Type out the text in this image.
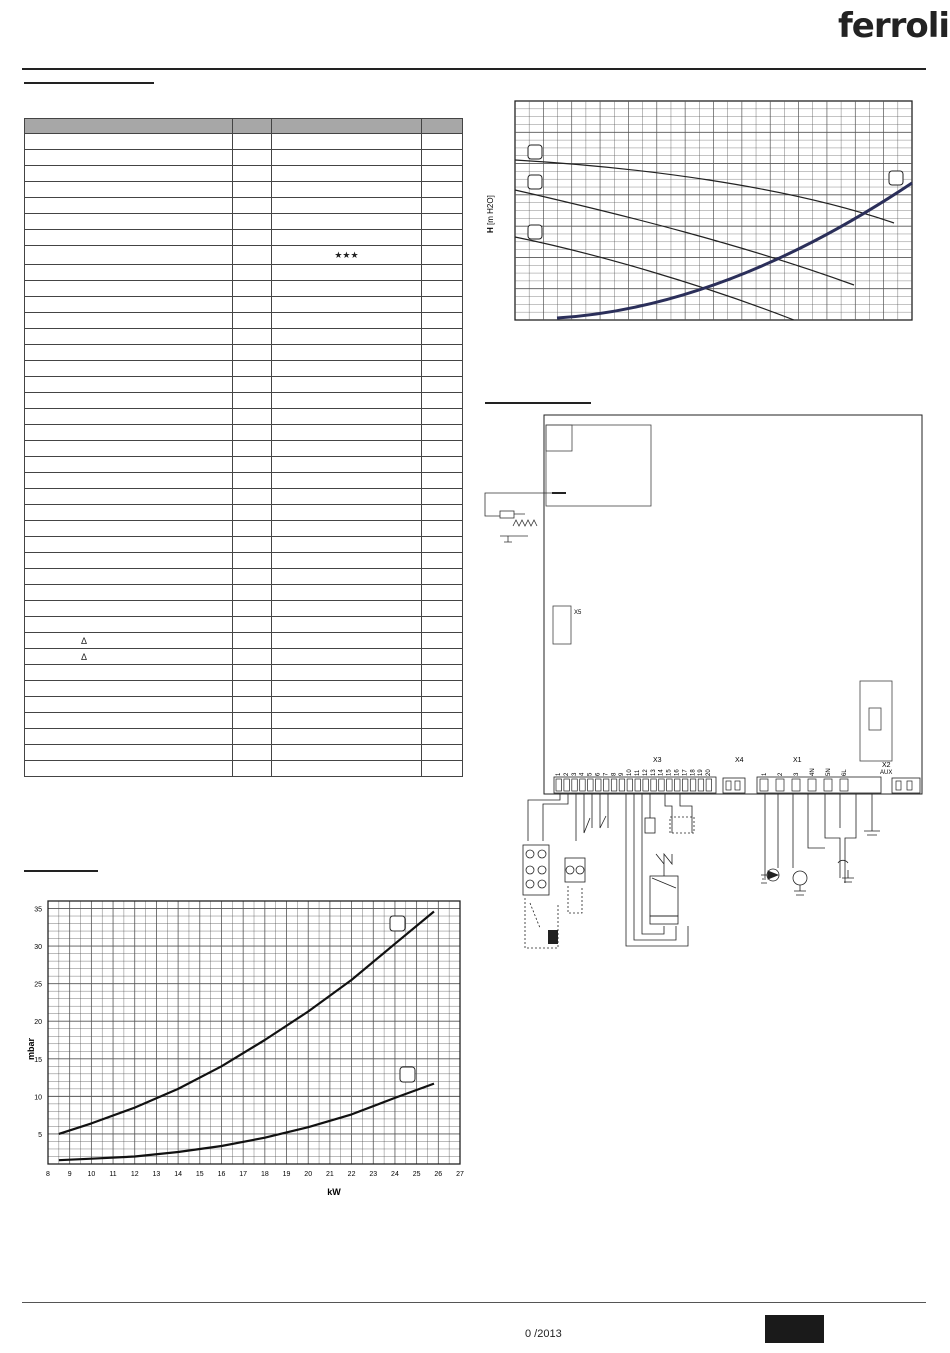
ferroli

		★★★	

Δ			
Δ			

H [m H2O]
8	9 10 11 12 13 14 15 16 17 18 19 20 21 22 23 24 25 26 27
5
10
15
20
25
30
35
kW
mbar
X5
X3	X4	X1
X2
AUX
1 2 3 4 5 6 7 8 9 10 11 12 13 14 15 16 17 18 19 20	1 2 3 4N 5N 6L
0 /2013
